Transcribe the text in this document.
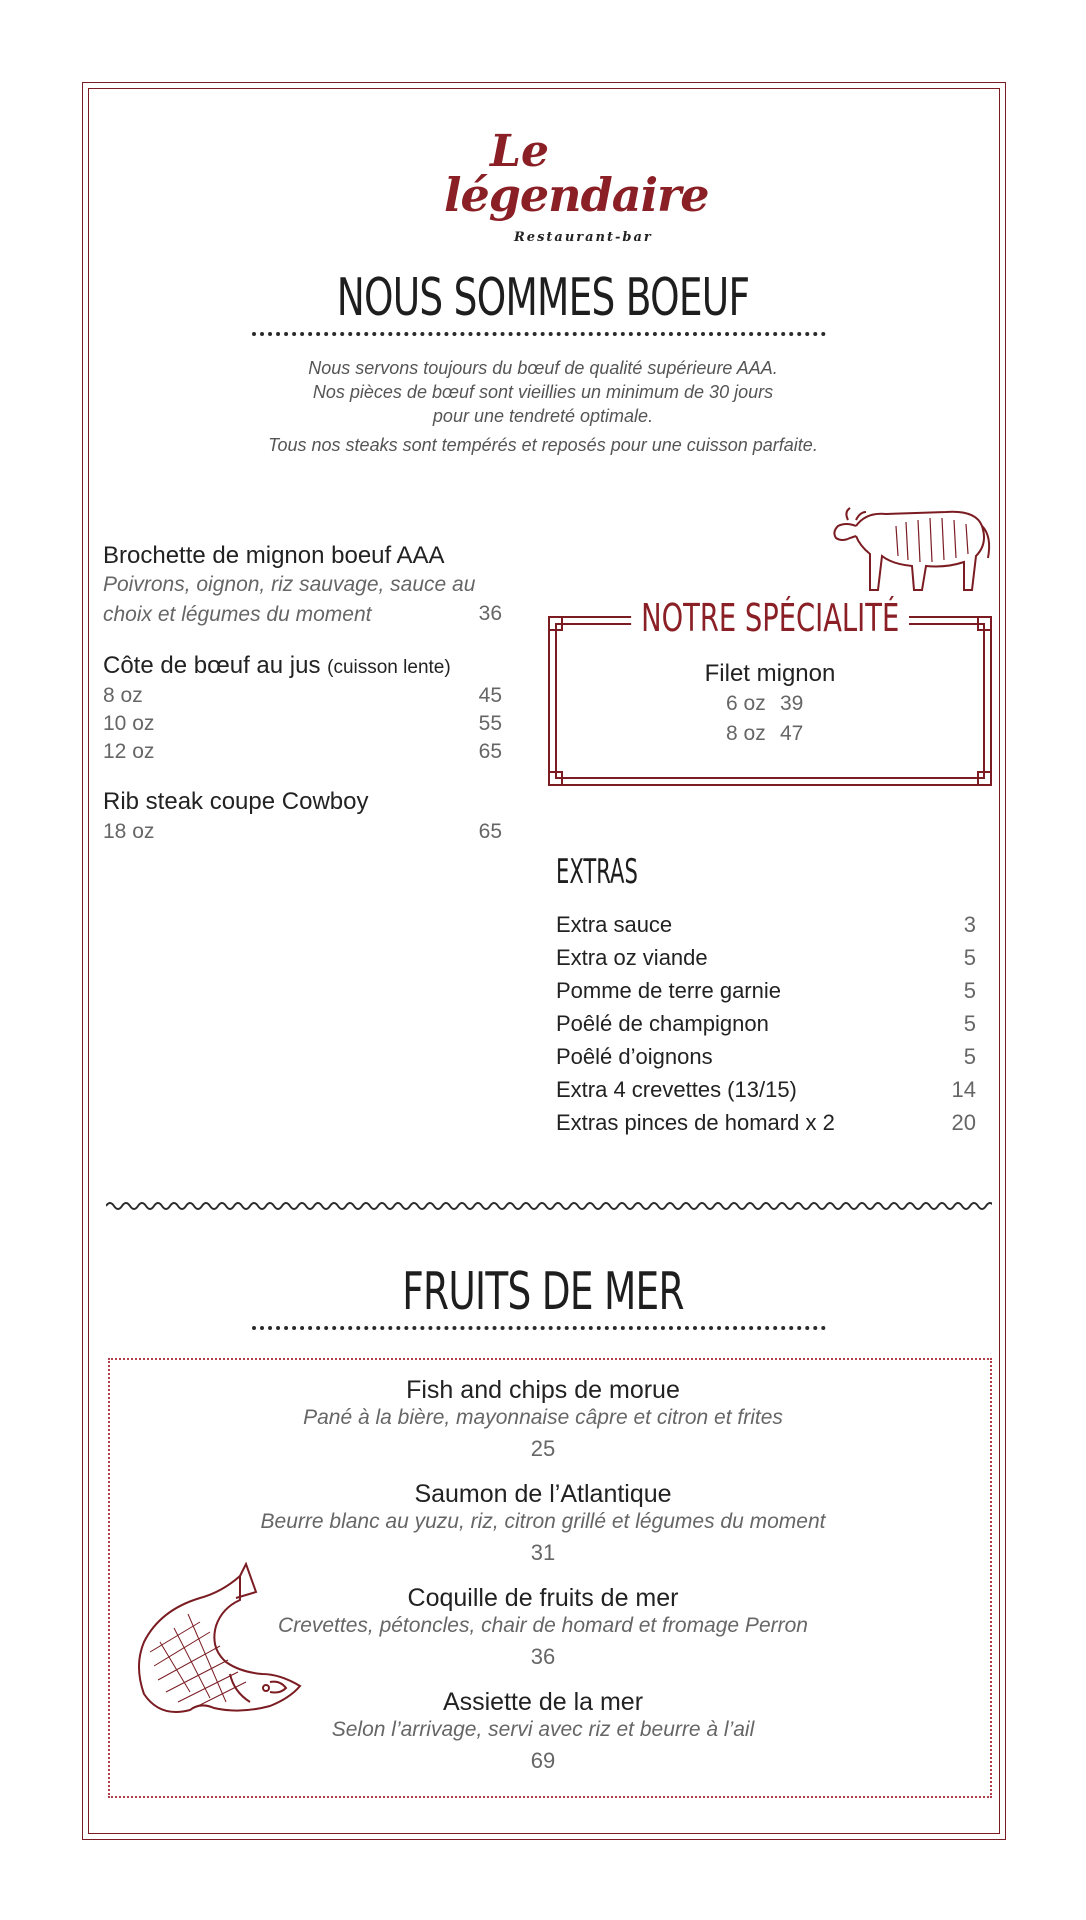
Le
légendaire
Restaurant-bar
NOUS SOMMES BOEUF
Nous servons toujours du bœuf de qualité supérieure AAA.
Nos pièces de bœuf sont vieillies un minimum de 30 jours
pour une tendreté optimale.
Tous nos steaks sont tempérés et reposés pour une cuisson parfaite.
Brochette de mignon boeuf AAA
Poivrons, oignon, riz sauvage, sauce au
choix et légumes du moment	36
Côte de bœuf au jus (cuisson lente)
8 oz	45
10 oz	55
12 oz	65
Rib steak coupe Cowboy
18 oz	65
NOTRE SPÉCIALITÉ
Filet mignon
6 oz 39
8 oz 47
EXTRAS
Extra sauce	3
Extra oz viande	5
Pomme de terre garnie	5
Poêlé de champignon	5
Poêlé d’oignons	5
Extra 4 crevettes (13/15)	14
Extras pinces de homard x 2	20
FRUITS DE MER
Fish and chips de morue
Pané à la bière, mayonnaise câpre et citron et frites
25
Saumon de l’Atlantique
Beurre blanc au yuzu, riz, citron grillé et légumes du moment
31
Coquille de fruits de mer
Crevettes, pétoncles, chair de homard et fromage Perron
36
Assiette de la mer
Selon l’arrivage, servi avec riz et beurre à l’ail
69
